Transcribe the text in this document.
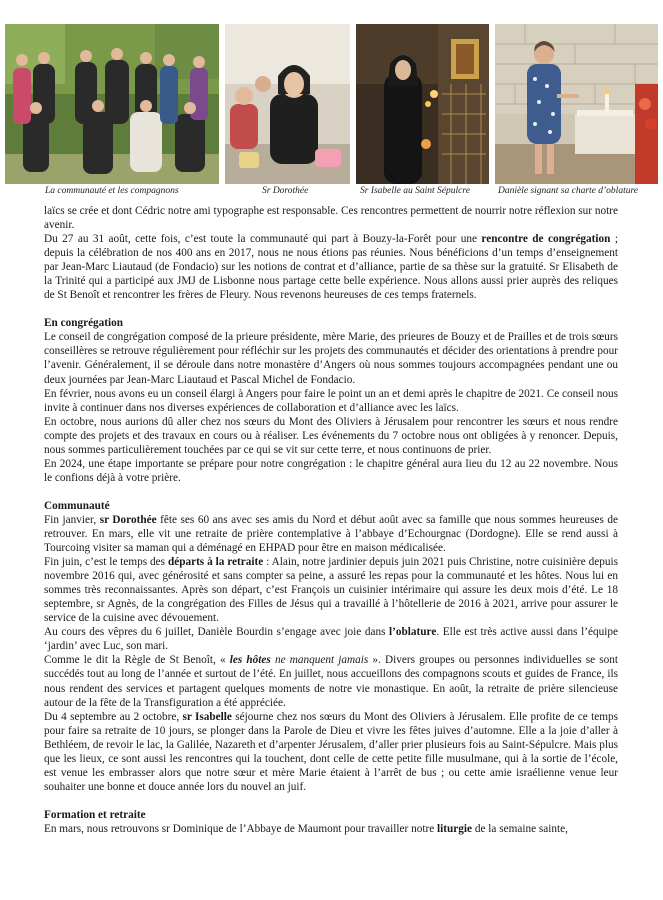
La communauté et les compagnons	Sr Dorothée	Sr Isabelle au Saint Sépulcre	Danièle signant sa charte d’oblature

laïcs se crée et dont Cédric notre ami typographe est responsable. Ces rencontres permettent de nourrir notre réflexion sur notre avenir.

Du 27 au 31 août, cette fois, c’est toute la communauté qui part à Bouzy-la-Forêt pour une rencontre de congrégation ; depuis la célébration de nos 400 ans en 2017, nous ne nous étions pas réunies. Nous bénéficions d’un temps d’enseignement par Jean-Marc Liautaud (de Fondacio) sur les notions de contrat et d’alliance, partie de sa thèse sur la gratuité. Sr Elisabeth de la Trinité qui a participé aux JMJ de Lisbonne nous partage cette belle expérience. Nous allons aussi prier auprès des reliques de St Benoît et rencontrer les frères de Fleury. Nous revenons heureuses de ces temps fraternels.

En congrégation

Le conseil de congrégation composé de la prieure présidente, mère Marie, des prieures de Bouzy et de Prailles et de trois sœurs conseillères se retrouve régulièrement pour réfléchir sur les projets des communautés et décider des orientations à prendre pour l’avenir. Généralement, il se déroule dans notre monastère d’Angers où nous sommes toujours accompagnées pendant une ou deux journées par Jean-Marc Liautaud et Pascal Michel de Fondacio.

En février, nous avons eu un conseil élargi à Angers pour faire le point un an et demi après le chapitre de 2021. Ce conseil nous invite à continuer dans nos diverses expériences de collaboration et d’alliance avec les laïcs.

En octobre, nous aurions dû aller chez nos sœurs du Mont des Oliviers à Jérusalem pour rencontrer les sœurs et nous rendre compte des projets et des travaux en cours ou à réaliser. Les événements du 7 octobre nous ont obligées à y renoncer. Depuis, nous sommes particulièrement touchées par ce qui se vit sur cette terre, et nous continuons de prier.

En 2024, une étape importante se prépare pour notre congrégation : le chapitre général aura lieu du 12 au 22 novembre. Nous le confions déjà à votre prière.

Communauté

Fin janvier, sr Dorothée fête ses 60 ans avec ses amis du Nord et début août avec sa famille que nous sommes heureuses de retrouver. En mars, elle vit une retraite de prière contemplative à l’abbaye d’Echourgnac (Dordogne). Elle se rend aussi à Tourcoing visiter sa maman qui a déménagé en EHPAD pour être en maison médicalisée.

Fin juin, c’est le temps des départs à la retraite : Alain, notre jardinier depuis juin 2021 puis Christine, notre cuisinière depuis novembre 2016 qui, avec générosité et sans compter sa peine, a assuré les repas pour la communauté et les hôtes. Nous lui en sommes très reconnaissantes. Après son départ, c’est François un cuisinier intérimaire qui assure les deux mois d’été. Le 18 septembre, sr Agnès, de la congrégation des Filles de Jésus qui a travaillé à l’hôtellerie de 2016 à 2021, arrive pour assurer le service de la cuisine avec dévouement.

Au cours des vêpres du 6 juillet, Danièle Bourdin s’engage avec joie dans l’oblature. Elle est très active aussi dans l’équipe ‘jardin’ avec Luc, son mari.

Comme le dit la Règle de St Benoît, « les hôtes ne manquent jamais ». Divers groupes ou personnes individuelles se sont succédés tout au long de l’année et surtout de l’été. En juillet, nous accueillons des compagnons scouts et guides de France, ils nous rendent des services et partagent quelques moments de notre vie monastique. En août, la retraite de prière silencieuse autour de la fête de la Transfiguration a été appréciée.

Du 4 septembre au 2 octobre, sr Isabelle séjourne chez nos sœurs du Mont des Oliviers à Jérusalem. Elle profite de ce temps pour faire sa retraite de 10 jours, se plonger dans la Parole de Dieu et vivre les fêtes juives d’automne. Elle a la joie d’aller à Bethléem, de revoir le lac, la Galilée, Nazareth et d’arpenter Jérusalem, d’aller prier plusieurs fois au Saint-Sépulcre. Mais plus que les lieux, ce sont aussi les rencontres qui la touchent, dont celle de cette petite fille musulmane, qui à la sortie de l’école, est venue les embrasser alors que notre sœur et mère Marie étaient à l’arrêt de bus ; ou cette amie israélienne venue leur souhaiter une bonne et douce année lors du nouvel an juif.

Formation et retraite

En mars, nous retrouvons sr Dominique de l’Abbaye de Maumont pour travailler notre liturgie de la semaine sainte,
